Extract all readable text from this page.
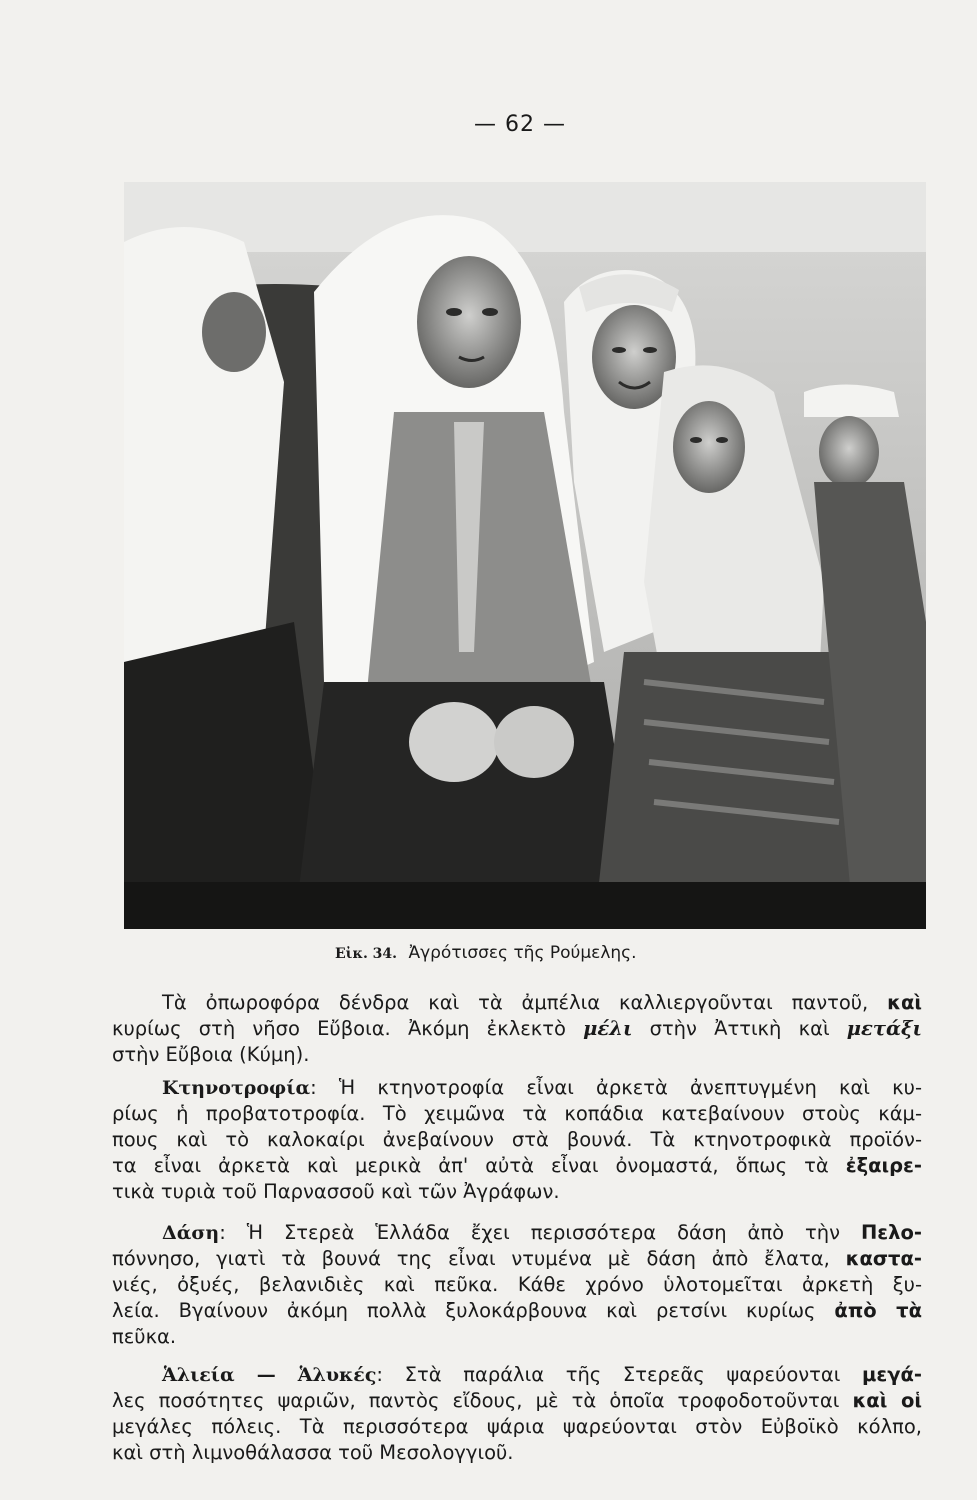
— 62 —
Εἰκ. 34. Ἀγρότισσες τῆς Ρούμελης.

Τὰ ὀπωροφόρα δένδρα καὶ τὰ ἀμπέλια καλλιεργοῦνται παντοῦ, καὶ
κυρίως στὴ νῆσο Εὔβοια. Ἀκόμη ἐκλεκτὸ μέλι στὴν Ἀττικὴ καὶ μετάξι
στὴν Εὔβοια (Κύμη).

Κτηνοτροφία: Ἡ κτηνοτροφία εἶναι ἀρκετὰ ἀνεπτυγμένη καὶ κυ-
ρίως ἡ προβατοτροφία. Τὸ χειμῶνα τὰ κοπάδια κατεβαίνουν στοὺς κάμ-
πους καὶ τὸ καλοκαίρι ἀνεβαίνουν στὰ βουνά. Τὰ κτηνοτροφικὰ προϊόν-
τα εἶναι ἀρκετὰ καὶ μερικὰ ἀπ' αὐτὰ εἶναι ὀνομαστά, ὅπως τὰ ἐξαιρε-
τικὰ τυριὰ τοῦ Παρνασσοῦ καὶ τῶν Ἀγράφων.

Δάση: Ἡ Στερεὰ Ἑλλάδα ἔχει περισσότερα δάση ἀπὸ τὴν Πελο-
πόννησο, γιατὶ τὰ βουνά της εἶναι ντυμένα μὲ δάση ἀπὸ ἔλατα, καστα-
νιές, ὀξυές, βελανιδιὲς καὶ πεῦκα. Κάθε χρόνο ὑλοτομεῖται ἀρκετὴ ξυ-
λεία. Βγαίνουν ἀκόμη πολλὰ ξυλοκάρβουνα καὶ ρετσίνι κυρίως ἀπὸ τὰ
πεῦκα.

Ἁλιεία — Ἁλυκές: Στὰ παράλια τῆς Στερεᾶς ψαρεύονται μεγά-
λες ποσότητες ψαριῶν, παντὸς εἴδους, μὲ τὰ ὁποῖα τροφοδοτοῦνται καὶ οἱ
μεγάλες πόλεις. Τὰ περισσότερα ψάρια ψαρεύονται στὸν Εὐβοϊκὸ κόλπο,
καὶ στὴ λιμνοθάλασσα τοῦ Μεσολογγιοῦ.
